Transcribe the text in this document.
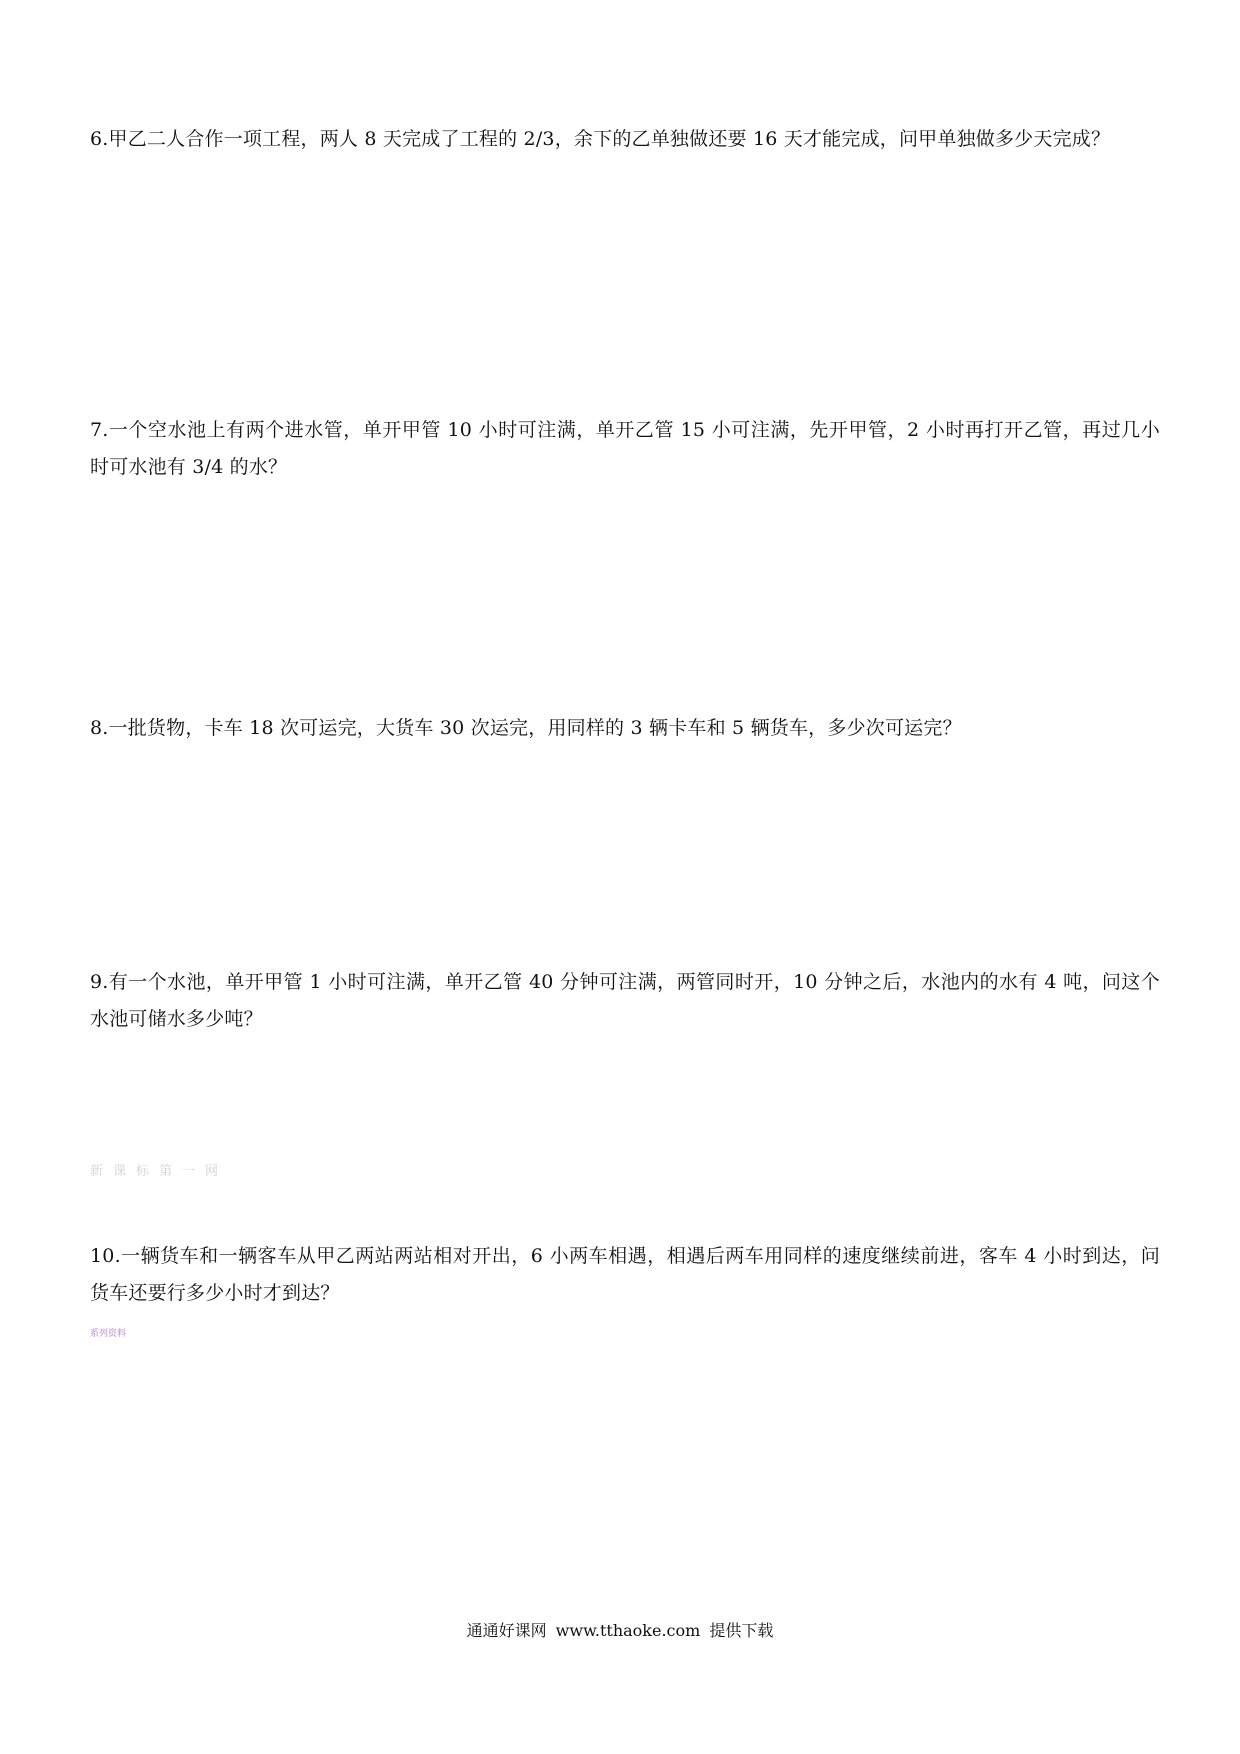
6.甲乙二人合作一项工程，两人 8 天完成了工程的 2/3，余下的乙单独做还要 16 天才能完成，问甲单独做多少天完成？
7.一个空水池上有两个进水管，单开甲管 10 小时可注满，单开乙管 15 小可注满，先开甲管，2 小时再打开乙管，再过几小时可水池有 3/4 的水？
8.一批货物，卡车 18 次可运完，大货车 30 次运完，用同样的 3 辆卡车和 5 辆货车，多少次可运完？
9.有一个水池，单开甲管 1 小时可注满，单开乙管 40 分钟可注满，两管同时开，10 分钟之后，水池内的水有 4 吨，问这个水池可储水多少吨？
新课标第一网
10.一辆货车和一辆客车从甲乙两站两站相对开出，6 小两车相遇，相遇后两车用同样的速度继续前进，客车 4 小时到达，问货车还要行多少小时才到达？
系列资料
通通好课网 www.tthaoke.com 提供下载
